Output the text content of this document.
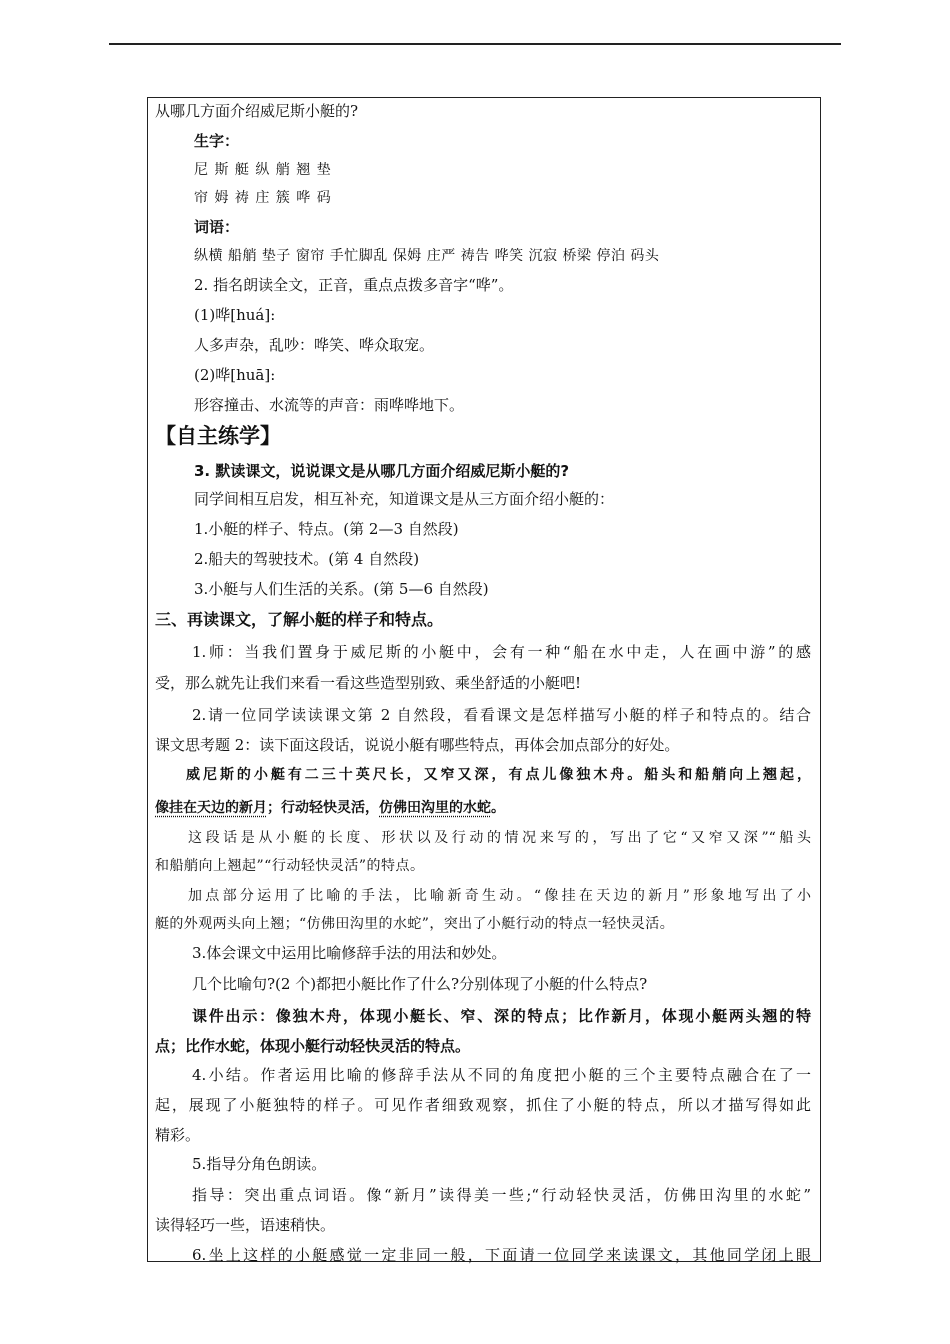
从哪几方面介绍威尼斯小艇的?
生字：
尼 斯 艇 纵 艄 翘 垫
帘 姆 祷 庄 簇 哗 码
词语：
纵横 船艄 垫子 窗帘 手忙脚乱 保姆 庄严 祷告 哗笑 沉寂 桥梁 停泊 码头
2. 指名朗读全文，正音，重点点拨多音字“哗”。
(1)哗[huá]:
人多声杂，乱吵：哗笑、哗众取宠。
(2)哗[huā]:
形容撞击、水流等的声音：雨哗哗地下。
【自主练学】
3. 默读课文，说说课文是从哪几方面介绍威尼斯小艇的?
同学间相互启发，相互补充，知道课文是从三方面介绍小艇的：
1.小艇的样子、特点。(第 2—3 自然段)
2.船夫的驾驶技术。(第 4 自然段)
3.小艇与人们生活的关系。(第 5—6 自然段)
三、再读课文，了解小艇的样子和特点。
1.师：当我们置身于威尼斯的小艇中，会有一种“船在水中走，人在画中游”的感
受，那么就先让我们来看一看这些造型别致、乘坐舒适的小艇吧!
2.请一位同学读读课文第 2 自然段，看看课文是怎样描写小艇的样子和特点的。结合
课文思考题 2：读下面这段话，说说小艇有哪些特点，再体会加点部分的好处。
威尼斯的小艇有二三十英尺长，又窄又深，有点儿像独木舟。船头和船艄向上翘起，
像挂在天边的新月；行动轻快灵活，仿佛田沟里的水蛇。
这段话是从小艇的长度、形状以及行动的情况来写的，写出了它“又窄又深”“船头
和船艄向上翘起”“行动轻快灵活”的特点。
加点部分运用了比喻的手法，比喻新奇生动。“像挂在天边的新月”形象地写出了小
艇的外观两头向上翘；“仿佛田沟里的水蛇”，突出了小艇行动的特点一轻快灵活。
3.体会课文中运用比喻修辞手法的用法和妙处。
几个比喻句?(2 个)都把小艇比作了什么?分别体现了小艇的什么特点?
课件出示：像独木舟，体现小艇长、窄、深的特点；比作新月，体现小艇两头翘的特
点；比作水蛇，体现小艇行动轻快灵活的特点。
4.小结。作者运用比喻的修辞手法从不同的角度把小艇的三个主要特点融合在了一
起，展现了小艇独特的样子。可见作者细致观察，抓住了小艇的特点，所以才描写得如此
精彩。
5.指导分角色朗读。
指导：突出重点词语。像“新月”读得美一些;“行动轻快灵活，仿佛田沟里的水蛇”
读得轻巧一些，语速稍快。
6.坐上这样的小艇感觉一定非同一般，下面请一位同学来读课文，其他同学闭上眼
